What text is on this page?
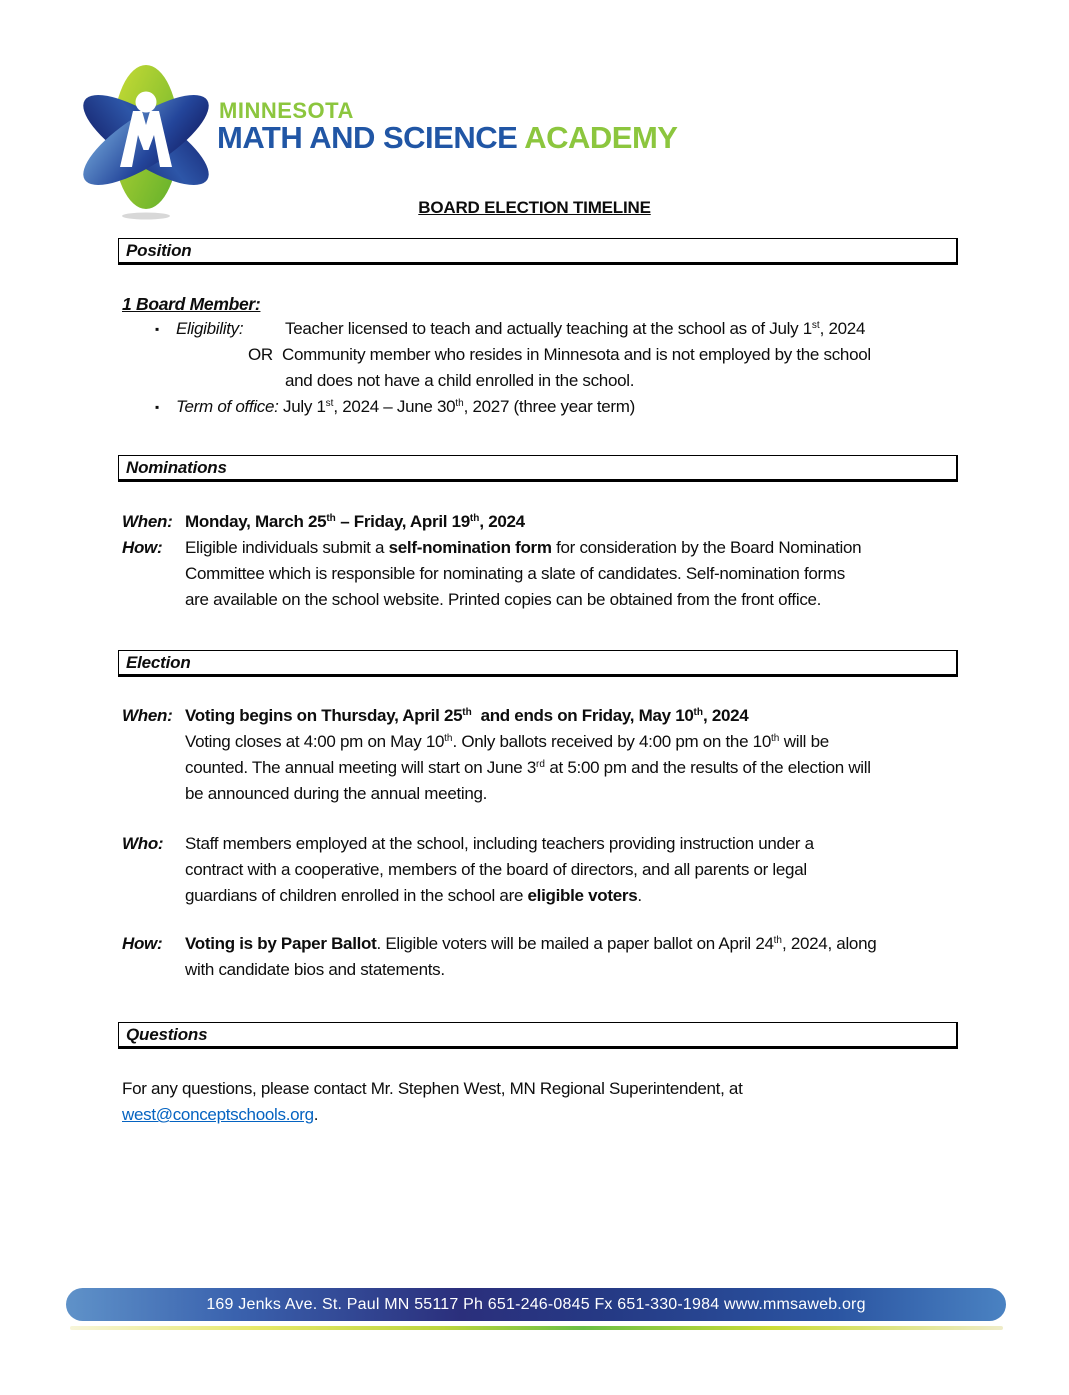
MINNESOTA
MATH AND SCIENCE ACADEMY
BOARD ELECTION TIMELINE
Position
1 Board Member:
▪ Eligibility: Teacher licensed to teach and actually teaching at the school as of July 1st, 2024
OR Community member who resides in Minnesota and is not employed by the school
and does not have a child enrolled in the school.
▪ Term of office: July 1st, 2024 – June 30th, 2027 (three year term)
Nominations
When: Monday, March 25th – Friday, April 19th, 2024
How: Eligible individuals submit a self-nomination form for consideration by the Board Nomination
Committee which is responsible for nominating a slate of candidates. Self-nomination forms
are available on the school website. Printed copies can be obtained from the front office.
Election
When: Voting begins on Thursday, April 25th  and ends on Friday, May 10th, 2024
Voting closes at 4:00 pm on May 10th. Only ballots received by 4:00 pm on the 10th will be
counted. The annual meeting will start on June 3rd at 5:00 pm and the results of the election will
be announced during the annual meeting.
Who: Staff members employed at the school, including teachers providing instruction under a
contract with a cooperative, members of the board of directors, and all parents or legal
guardians of children enrolled in the school are eligible voters.
How: Voting is by Paper Ballot. Eligible voters will be mailed a paper ballot on April 24th, 2024, along
with candidate bios and statements.
Questions
For any questions, please contact Mr. Stephen West, MN Regional Superintendent, at
west@conceptschools.org.
169 Jenks Ave. St. Paul MN 55117 Ph 651-246-0845 Fx 651-330-1984 www.mmsaweb.org
